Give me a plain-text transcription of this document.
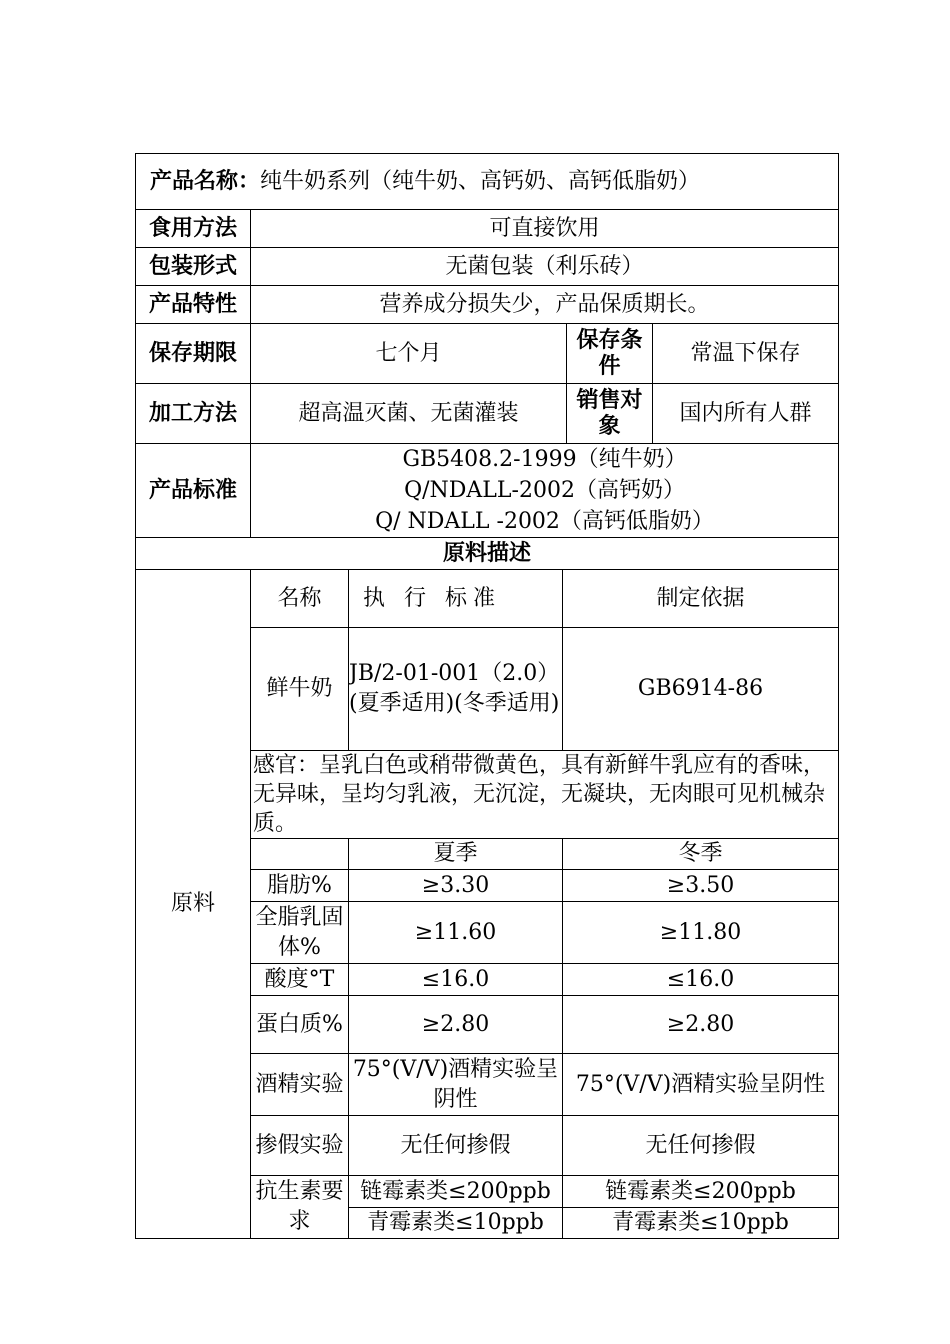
产品名称：纯牛奶系列（纯牛奶、高钙奶、高钙低脂奶）			
食用方法	可直接饮用		
包装形式	无菌包装（利乐砖）		
产品特性	营养成分损失少，产品保质期长。		
保存期限	七个月	保存条件	常温下保存
加工方法	超高温灭菌、无菌灌装	销售对象	国内所有人群
产品标准	GB5408.2-1999（纯牛奶）
Q/NDALL-2002（高钙奶）
Q/ NDALL -2002（高钙低脂奶）		

原料描述			
原料	名称	执 行 标准	制定依据
	鲜牛奶	JB/2-01-001（2.0）(夏季适用)(冬季适用)	GB6914-86
	感官：呈乳白色或稍带微黄色，具有新鲜牛乳应有的香味，无异味，呈均匀乳液，无沉淀，无凝块，无肉眼可见机械杂质。		
		夏季	冬季
	脂肪%	≥3.30	≥3.50
	全脂乳固体%	≥11.60	≥11.80
	酸度°T	≤16.0	≤16.0
	蛋白质%	≥2.80	≥2.80
	酒精实验	75°(V/V)酒精实验呈阴性	75°(V/V)酒精实验呈阴性
	掺假实验	无任何掺假	无任何掺假
	抗生素要求	链霉素类≤200ppb	链霉素类≤200ppb
		青霉素类≤10ppb	青霉素类≤10ppb
